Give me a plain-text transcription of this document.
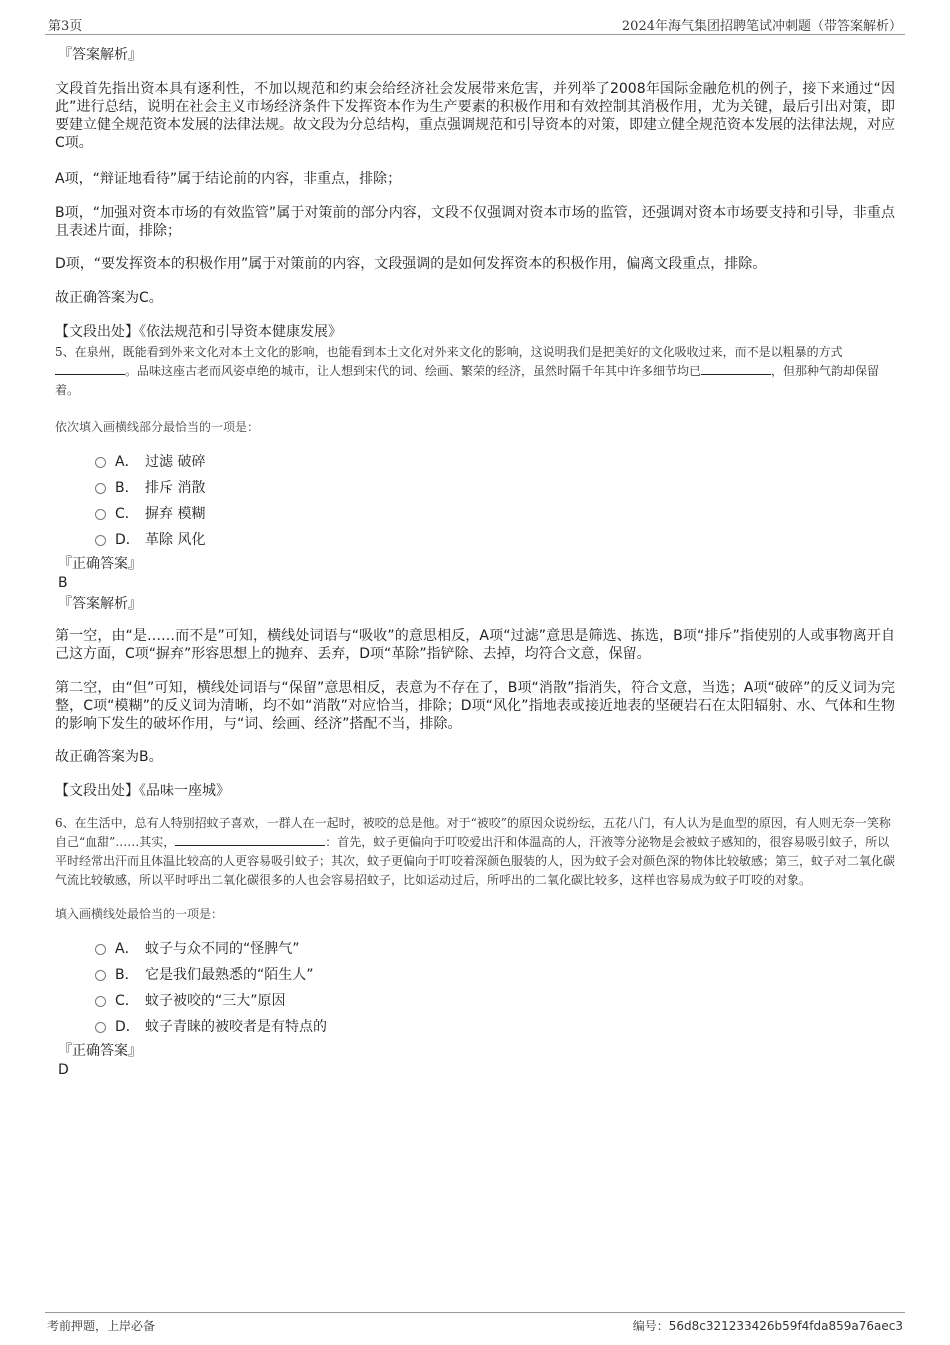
第3页	2024年海气集团招聘笔试冲刺题（带答案解析）
『答案解析』

文段首先指出资本具有逐利性，不加以规范和约束会给经济社会发展带来危害，并列举了2008年国际金融危机的例子，接下来通过“因此”进行总结，说明在社会主义市场经济条件下发挥资本作为生产要素的积极作用和有效控制其消极作用，尤为关键，最后引出对策，即要建立健全规范资本发展的法律法规。故文段为分总结构，重点强调规范和引导资本的对策，即建立健全规范资本发展的法律法规，对应C项。

A项，“辩证地看待”属于结论前的内容，非重点，排除；

B项，“加强对资本市场的有效监管”属于对策前的部分内容，文段不仅强调对资本市场的监管，还强调对资本市场要支持和引导，非重点且表述片面，排除；

D项，“要发挥资本的积极作用”属于对策前的内容，文段强调的是如何发挥资本的积极作用，偏离文段重点，排除。

故正确答案为C。

【文段出处】《依法规范和引导资本健康发展》

5、在泉州，既能看到外来文化对本土文化的影响，也能看到本土文化对外来文化的影响，这说明我们是把美好的文化吸收过来，而不是以粗暴的方式。品味这座古老而风姿卓绝的城市，让人想到宋代的词、绘画、繁荣的经济，虽然时隔千年其中许多细节均已	，但那种气韵却保留着。

依次填入画横线部分最恰当的一项是：

A． 过滤 破碎
B． 排斥 消散
C． 摒弃 模糊
D． 革除 风化
『正确答案』

B

『答案解析』

第一空，由“是……而不是”可知，横线处词语与“吸收”的意思相反，A项“过滤”意思是筛选、拣选，B项“排斥”指使别的人或事物离开自己这方面，C项“摒弃”形容思想上的抛弃、丢弃，D项“革除”指铲除、去掉，均符合文意，保留。

第二空，由“但”可知，横线处词语与“保留”意思相反，表意为不存在了，B项“消散”指消失，符合文意，当选；A项“破碎”的反义词为完整，C项“模糊”的反义词为清晰，均不如“消散”对应恰当，排除；D项“风化”指地表或接近地表的坚硬岩石在太阳辐射、水、气体和生物的影响下发生的破坏作用，与“词、绘画、经济”搭配不当，排除。

故正确答案为B。

【文段出处】《品味一座城》

6、在生活中，总有人特别招蚊子喜欢，一群人在一起时，被咬的总是他。对于“被咬”的原因众说纷纭，五花八门，有人认为是血型的原因，有人则无奈一笑称自己“血甜”……其实，	：首先，蚊子更偏向于叮咬爱出汗和体温高的人，汗液等分泌物是会被蚊子感知的，很容易吸引蚊子，所以平时经常出汗而且体温比较高的人更容易吸引蚊子；其次，蚊子更偏向于叮咬着深颜色服装的人，因为蚊子会对颜色深的物体比较敏感；第三，蚊子对二氧化碳气流比较敏感，所以平时呼出二氧化碳很多的人也会容易招蚊子，比如运动过后，所呼出的二氧化碳比较多，这样也容易成为蚊子叮咬的对象。

填入画横线处最恰当的一项是：

A． 蚊子与众不同的“怪脾气”
B． 它是我们最熟悉的“陌生人”
C． 蚊子被咬的“三大”原因
D． 蚊子青睐的被咬者是有特点的
『正确答案』

D

考前押题，上岸必备	编号：56d8c321233426b59f4fda859a76aec3
